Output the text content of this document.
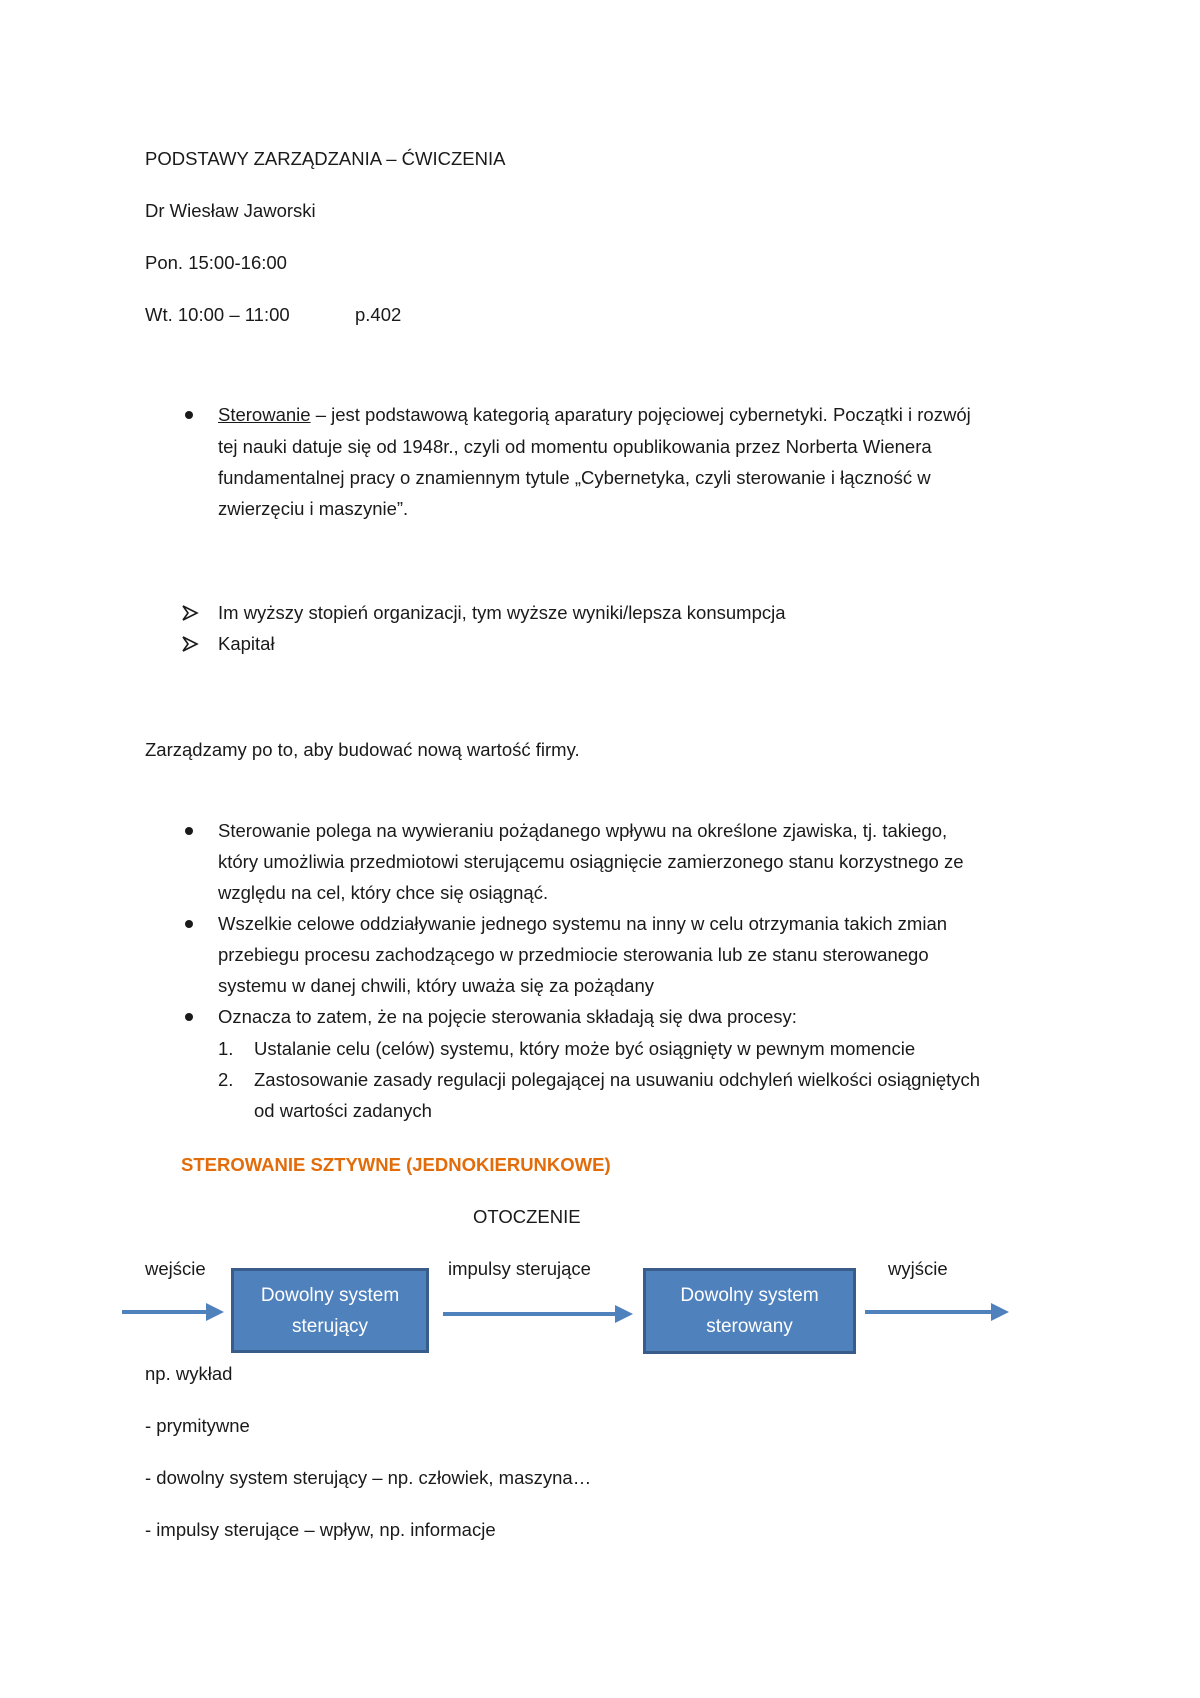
PODSTAWY ZARZĄDZANIA – ĆWICZENIA
Dr Wiesław Jaworski
Pon. 15:00-16:00
Wt. 10:00 – 11:00	p.402
Sterowanie – jest podstawową kategorią aparatury pojęciowej cybernetyki. Początki i rozwój
tej nauki datuje się od 1948r., czyli od momentu opublikowania przez Norberta Wienera
fundamentalnej pracy o znamiennym tytule „Cybernetyka, czyli sterowanie i łączność w
zwierzęciu i maszynie”.
Im wyższy stopień organizacji, tym wyższe wyniki/lepsza konsumpcja
Kapitał
Zarządzamy po to, aby budować nową wartość firmy.
Sterowanie polega na wywieraniu pożądanego wpływu na określone zjawiska, tj. takiego,
który umożliwia przedmiotowi sterującemu osiągnięcie zamierzonego stanu korzystnego ze
względu na cel, który chce się osiągnąć.
Wszelkie celowe oddziaływanie jednego systemu na inny w celu otrzymania takich zmian
przebiegu procesu zachodzącego w przedmiocie sterowania lub ze stanu sterowanego
systemu w danej chwili, który uważa się za pożądany
Oznacza to zatem, że na pojęcie sterowania składają się dwa procesy:
1. Ustalanie celu (celów) systemu, który może być osiągnięty w pewnym momencie
2. Zastosowanie zasady regulacji polegającej na usuwaniu odchyleń wielkości osiągniętych
od wartości zadanych
STEROWANIE SZTYWNE (JEDNOKIERUNKOWE)
OTOCZENIE
wejście	impulsy sterujące	wyjście
Dowolny system
sterujący
Dowolny system
sterowany
np. wykład
- prymitywne
- dowolny system sterujący – np. człowiek, maszyna…
- impulsy sterujące – wpływ, np. informacje
